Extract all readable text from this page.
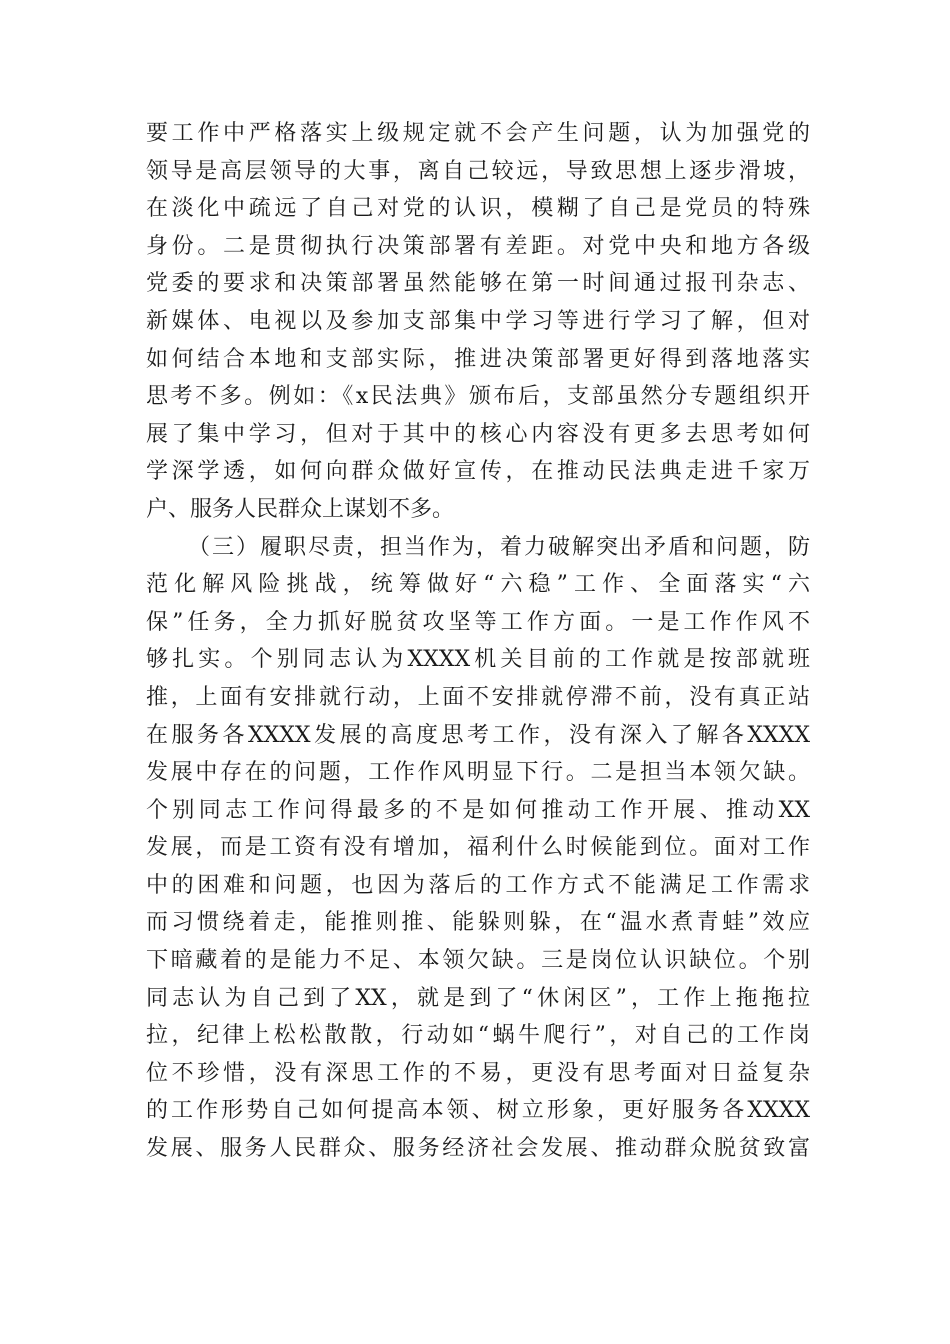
要工作中严格落实上级规定就不会产生问题，认为加强党的
领导是高层领导的大事，离自己较远，导致思想上逐步滑坡，
在淡化中疏远了自己对党的认识，模糊了自己是党员的特殊
身份。二是贯彻执行决策部署有差距。对党中央和地方各级
党委的要求和决策部署虽然能够在第一时间通过报刊杂志、
新媒体、电视以及参加支部集中学习等进行学习了解，但对
如何结合本地和支部实际，推进决策部署更好得到落地落实
思考不多。例如：《x民法典》颁布后，支部虽然分专题组织开
展了集中学习，但对于其中的核心内容没有更多去思考如何
学深学透，如何向群众做好宣传，在推动民法典走进千家万
户、服务人民群众上谋划不多。
（三）履职尽责，担当作为，着力破解突出矛盾和问题，防
范化解风险挑战，统筹做好“六稳”工作、全面落实“六
保”任务，全力抓好脱贫攻坚等工作方面。一是工作作风不
够扎实。个别同志认为XXXX机关目前的工作就是按部就班
推，上面有安排就行动，上面不安排就停滞不前，没有真正站
在服务各XXXX发展的高度思考工作，没有深入了解各XXXX
发展中存在的问题，工作作风明显下行。二是担当本领欠缺。
个别同志工作问得最多的不是如何推动工作开展、推动XX
发展，而是工资有没有增加，福利什么时候能到位。面对工作
中的困难和问题，也因为落后的工作方式不能满足工作需求
而习惯绕着走，能推则推、能躲则躲，在“温水煮青蛙”效应
下暗藏着的是能力不足、本领欠缺。三是岗位认识缺位。个别
同志认为自己到了XX，就是到了“休闲区”，工作上拖拖拉
拉，纪律上松松散散，行动如“蜗牛爬行”，对自己的工作岗
位不珍惜，没有深思工作的不易，更没有思考面对日益复杂
的工作形势自己如何提高本领、树立形象，更好服务各XXXX
发展、服务人民群众、服务经济社会发展、推动群众脱贫致富
